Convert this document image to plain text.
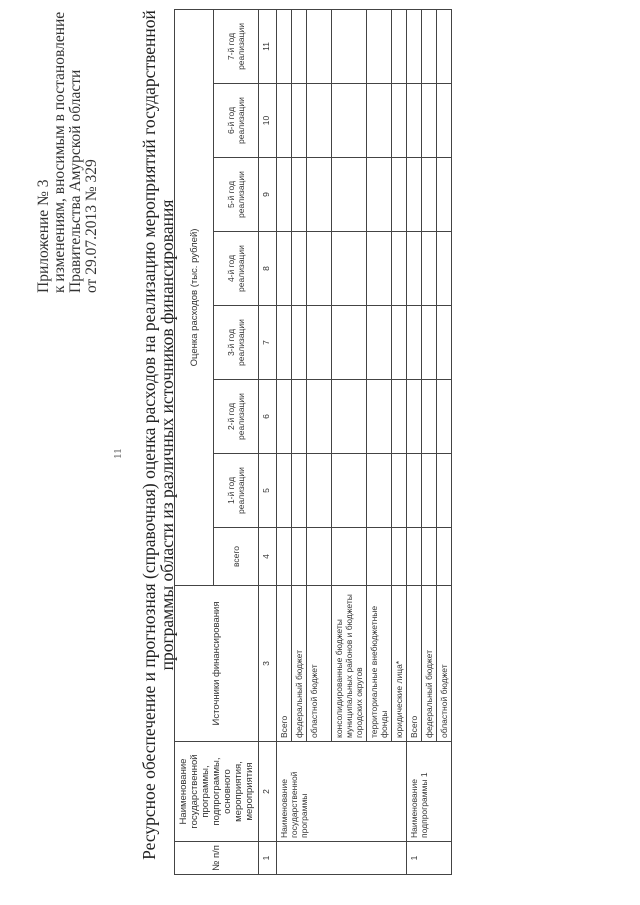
11
Приложение № 3 к изменениям, вносимым в постановление Правительства Амурской области от 29.07.2013 № 329 Ресурсное обеспечение и прогнозная (справочная) оценка расходов на реализацию мероприятий государственной
программы области из различных источников финансирования
№ п/п	Наименование государственной программы, подпрограммы, основного мероприятия, мероприятия	Источники финансирования	Оценка расходов (тыс. рублей)							
			всего	1-й год реализации	2-й год реализации	3-й год реализации	4-й год реализации	5-й год реализации	6-й год реализации	7-й год реализации
1	2	3	4	5	6	7	8	9	10	11
	Наименование государственной программы	Всего								
		федеральный бюджет								
		областной бюджет								
		консолидированные бюджеты муниципальных районов и бюджеты городских округов								
		территориальные внебюджетные фонды								
		юридические лица*								
1	Наименование подпрограммы 1	Всего								
		федеральный бюджет								
		областной бюджет								
